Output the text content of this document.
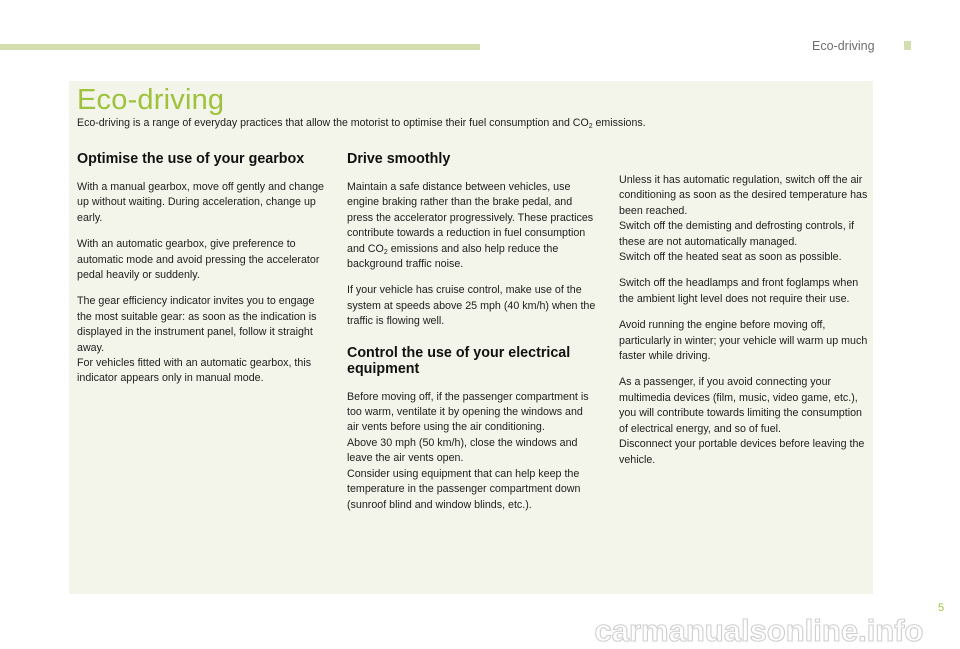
Eco-driving
Eco-driving
Eco-driving is a range of everyday practices that allow the motorist to optimise their fuel consumption and $CO_2$ emissions.
Optimise the use of your gearbox

With a manual gearbox, move off gently and change up without waiting. During acceleration, change up early.

With an automatic gearbox, give preference to automatic mode and avoid pressing the accelerator pedal heavily or suddenly.

The gear efficiency indicator invites you to engage the most suitable gear: as soon as the indication is displayed in the instrument panel, follow it straight away.
For vehicles fitted with an automatic gearbox, this indicator appears only in manual mode.

Drive smoothly

Maintain a safe distance between vehicles, use engine braking rather than the brake pedal, and press the accelerator progressively. These practices contribute towards a reduction in fuel consumption and $CO_2$ emissions and also help reduce the background traffic noise.

If your vehicle has cruise control, make use of the system at speeds above 25 mph (40 km/h) when the traffic is flowing well.

Control the use of your electrical equipment

Before moving off, if the passenger compartment is too warm, ventilate it by opening the windows and air vents before using the air conditioning.
Above 30 mph (50 km/h), close the windows and leave the air vents open.
Consider using equipment that can help keep the temperature in the passenger compartment down (sunroof blind and window blinds, etc.).

Unless it has automatic regulation, switch off the air conditioning as soon as the desired temperature has been reached.
Switch off the demisting and defrosting controls, if these are not automatically managed.
Switch off the heated seat as soon as possible.

Switch off the headlamps and front foglamps when the ambient light level does not require their use.

Avoid running the engine before moving off, particularly in winter; your vehicle will warm up much faster while driving.

As a passenger, if you avoid connecting your multimedia devices (film, music, video game, etc.), you will contribute towards limiting the consumption of electrical energy, and so of fuel.
Disconnect your portable devices before leaving the vehicle.

5
carmanualsonline.info
